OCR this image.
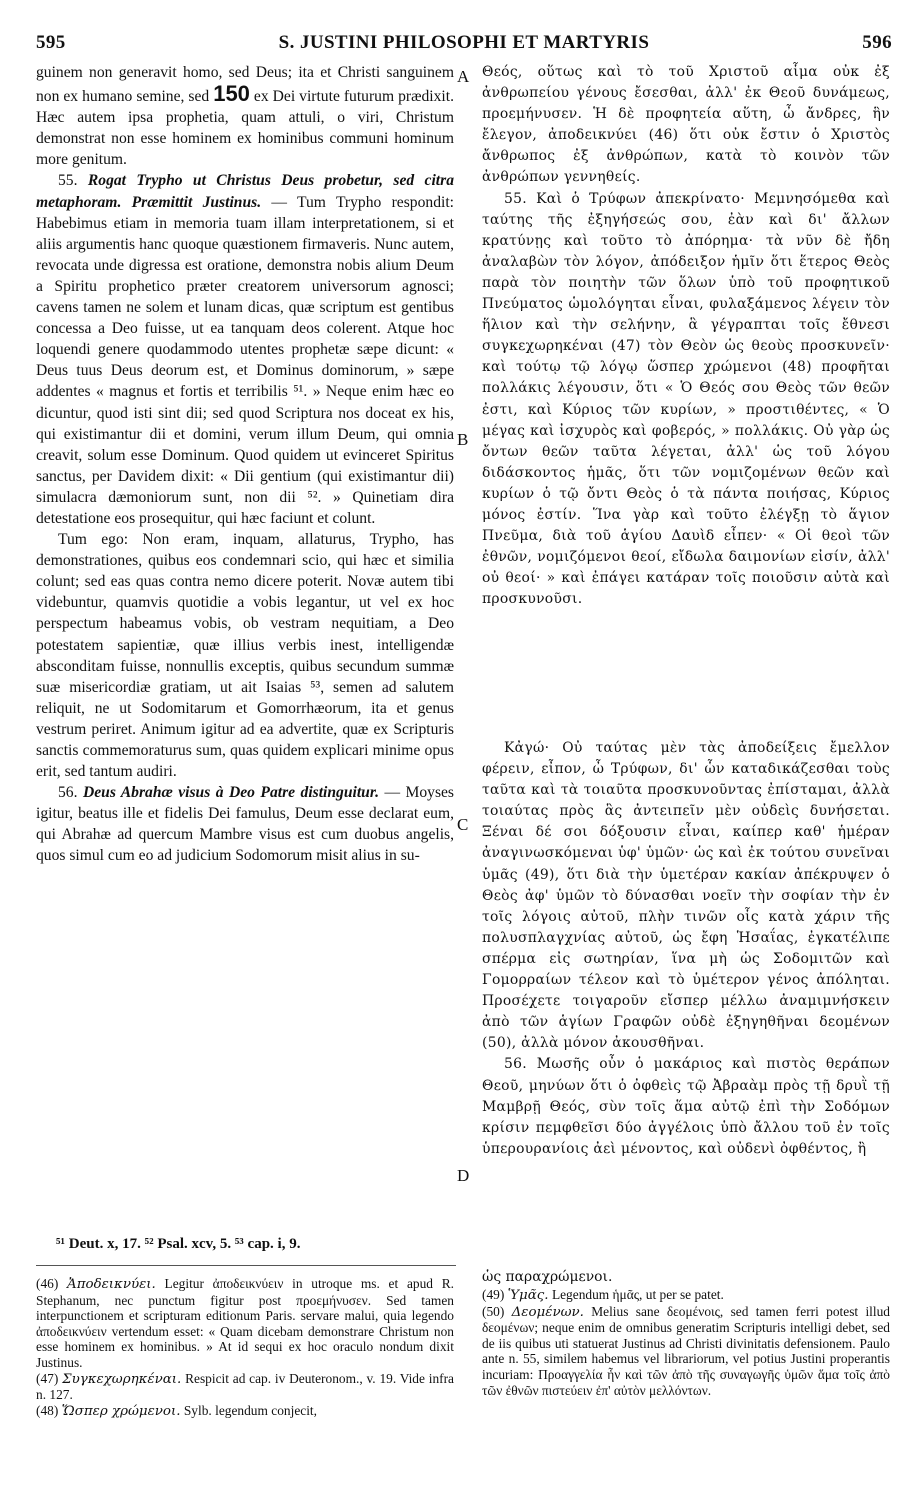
595	S. JUSTINI PHILOSOPHI ET MARTYRIS	596
A
B
C
D

guinem non generavit homo, sed Deus; ita et Christi sanguinem non ex humano semine, sed 150 ex Dei virtute futurum prædixit. Hæc autem ipsa prophetia, quam attuli, o viri, Christum demonstrat non esse hominem ex hominibus communi hominum more genitum.

55. Rogat Trypho ut Christus Deus probetur, sed citra metaphoram. Præmittit Justinus. — Tum Trypho respondit: Habebimus etiam in memoria tuam illam interpretationem, si et aliis argumentis hanc quoque quæstionem firmaveris. Nunc autem, revocata unde digressa est oratione, demonstra nobis alium Deum a Spiritu prophetico præter creatorem universorum agnosci; cavens tamen ne solem et lunam dicas, quæ scriptum est gentibus concessa a Deo fuisse, ut ea tanquam deos colerent. Atque hoc loquendi genere quodammodo utentes prophetæ sæpe dicunt: « Deus tuus Deus deorum est, et Dominus dominorum, » sæpe addentes « magnus et fortis et terribilis ⁵¹. » Neque enim hæc eo dicuntur, quod isti sint dii; sed quod Scriptura nos doceat ex his, qui existimantur dii et domini, verum illum Deum, qui omnia creavit, solum esse Dominum. Quod quidem ut evinceret Spiritus sanctus, per Davidem dixit: « Dii gentium (qui existimantur dii) simulacra dæmoniorum sunt, non dii ⁵². » Quinetiam dira detestatione eos prosequitur, qui hæc faciunt et colunt.

Tum ego: Non eram, inquam, allaturus, Trypho, has demonstrationes, quibus eos condemnari scio, qui hæc et similia colunt; sed eas quas contra nemo dicere poterit. Novæ autem tibi videbuntur, quamvis quotidie a vobis legantur, ut vel ex hoc perspectum habeamus vobis, ob vestram nequitiam, a Deo potestatem sapientiæ, quæ illius verbis inest, intelligendæ absconditam fuisse, nonnullis exceptis, quibus secundum summæ suæ misericordiæ gratiam, ut ait Isaias ⁵³, semen ad salutem reliquit, ne ut Sodomitarum et Gomorrhæorum, ita et genus vestrum periret. Animum igitur ad ea advertite, quæ ex Scripturis sanctis commemoraturus sum, quas quidem explicari minime opus erit, sed tantum audiri.

56. Deus Abrahæ visus à Deo Patre distinguitur. — Moyses igitur, beatus ille et fidelis Dei famulus, Deum esse declarat eum, qui Abrahæ ad quercum Mambre visus est cum duobus angelis, quos simul cum eo ad judicium Sodomorum misit alius in su-

⁵¹ Deut. x, 17. ⁵² Psal. xcv, 5. ⁵³ cap. i, 9.

Θεός, οὕτως καὶ τὸ τοῦ Χριστοῦ αἷμα οὐκ ἐξ ἀνθρωπείου γένους ἔσεσθαι, ἀλλ' ἐκ Θεοῦ δυνάμεως, προεμήνυσεν. Ἡ δὲ προφητεία αὕτη, ὦ ἄνδρες, ἣν ἔλεγον, ἀποδεικνύει (46) ὅτι οὐκ ἔστιν ὁ Χριστὸς ἄνθρωπος ἐξ ἀνθρώπων, κατὰ τὸ κοινὸν τῶν ἀνθρώπων γεννηθείς.

55. Καὶ ὁ Τρύφων ἀπεκρίνατο· Μεμνησόμεθα καὶ ταύτης τῆς ἐξηγήσεώς σου, ἐὰν καὶ δι' ἄλλων κρατύνῃς καὶ τοῦτο τὸ ἀπόρημα· τὰ νῦν δὲ ἤδη ἀναλαβὼν τὸν λόγον, ἀπόδειξον ἡμῖν ὅτι ἕτερος Θεὸς παρὰ τὸν ποιητὴν τῶν ὅλων ὑπὸ τοῦ προφητικοῦ Πνεύματος ὡμολόγηται εἶναι, φυλαξάμενος λέγειν τὸν ἥλιον καὶ τὴν σελήνην, ἃ γέγραπται τοῖς ἔθνεσι συγκεχωρηκέναι (47) τὸν Θεὸν ὡς θεοὺς προσκυνεῖν· καὶ τούτῳ τῷ λόγῳ ὥσπερ χρώμενοι (48) προφῆται πολλάκις λέγουσιν, ὅτι « Ὁ Θεός σου Θεὸς τῶν θεῶν ἐστι, καὶ Κύριος τῶν κυρίων, » προστιθέντες, « Ὁ μέγας καὶ ἰσχυρὸς καὶ φοβερός, » πολλάκις. Οὐ γὰρ ὡς ὄντων θεῶν ταῦτα λέγεται, ἀλλ' ὡς τοῦ λόγου διδάσκοντος ἡμᾶς, ὅτι τῶν νομιζομένων θεῶν καὶ κυρίων ὁ τῷ ὄντι Θεὸς ὁ τὰ πάντα ποιήσας, Κύριος μόνος ἐστίν. Ἵνα γὰρ καὶ τοῦτο ἐλέγξῃ τὸ ἅγιον Πνεῦμα, διὰ τοῦ ἁγίου Δαυὶδ εἶπεν· « Οἱ θεοὶ τῶν ἐθνῶν, νομιζόμενοι θεοί, εἴδωλα δαιμονίων εἰσίν, ἀλλ' οὐ θεοί· » καὶ ἐπάγει κατάραν τοῖς ποιοῦσιν αὐτὰ καὶ προσκυνοῦσι.

Κἀγώ· Οὐ ταύτας μὲν τὰς ἀποδείξεις ἔμελλον φέρειν, εἶπον, ὦ Τρύφων, δι' ὧν καταδικάζεσθαι τοὺς ταῦτα καὶ τὰ τοιαῦτα προσκυνοῦντας ἐπίσταμαι, ἀλλὰ τοιαύτας πρὸς ἃς ἀντειπεῖν μὲν οὐδεὶς δυνήσεται. Ξέναι δέ σοι δόξουσιν εἶναι, καίπερ καθ' ἡμέραν ἀναγινωσκόμεναι ὑφ' ὑμῶν· ὡς καὶ ἐκ τούτου συνεῖναι ὑμᾶς (49), ὅτι διὰ τὴν ὑμετέραν κακίαν ἀπέκρυψεν ὁ Θεὸς ἀφ' ὑμῶν τὸ δύνασθαι νοεῖν τὴν σοφίαν τὴν ἐν τοῖς λόγοις αὐτοῦ, πλὴν τινῶν οἷς κατὰ χάριν τῆς πολυσπλαγχνίας αὐτοῦ, ὡς ἔφη Ἡσαΐας, ἐγκατέλιπε σπέρμα εἰς σωτηρίαν, ἵνα μὴ ὡς Σοδομιτῶν καὶ Γομορραίων τέλεον καὶ τὸ ὑμέτερον γένος ἀπόληται. Προσέχετε τοιγαροῦν εἴσπερ μέλλω ἀναμιμνήσκειν ἀπὸ τῶν ἁγίων Γραφῶν οὐδὲ ἐξηγηθῆναι δεομένων (50), ἀλλὰ μόνον ἀκουσθῆναι.

56. Μωσῆς οὖν ὁ μακάριος καὶ πιστὸς θεράπων Θεοῦ, μηνύων ὅτι ὁ ὀφθεὶς τῷ Ἀβραὰμ πρὸς τῇ δρυῒ τῇ Μαμβρῇ Θεός, σὺν τοῖς ἅμα αὐτῷ ἐπὶ τὴν Σοδόμων κρίσιν πεμφθεῖσι δύο ἀγγέλοις ὑπὸ ἄλλου τοῦ ἐν τοῖς ὑπερουρανίοις ἀεὶ μένοντος, καὶ οὐδενὶ ὀφθέντος, ἢ

ὡς παραχρώμενοι.

(46) Ἀποδεικνύει. Legitur ἀποδεικνύειν in utroque ms. et apud R. Stephanum, nec punctum figitur post προεμήνυσεν. Sed tamen interpunctionem et scripturam editionum Paris. servare malui, quia legendo ἀποδεικνύειν vertendum esset: « Quam dicebam demonstrare Christum non esse hominem ex hominibus. » At id sequi ex hoc oraculo nondum dixit Justinus.

(47) Συγκεχωρηκέναι. Respicit ad cap. iv Deuteronom., v. 19. Vide infra n. 127.

(48) Ὥσπερ χρώμενοι. Sylb. legendum conjecit,

(49) Ὑμᾶς. Legendum ἡμᾶς, ut per se patet.

(50) Δεομένων. Melius sane δεομένοις, sed tamen ferri potest illud δεομένων; neque enim de omnibus generatim Scripturis intelligi debet, sed de iis quibus uti statuerat Justinus ad Christi divinitatis defensionem. Paulo ante n. 55, similem habemus vel librariorum, vel potius Justini properantis incuriam: Προαγγελία ἦν καὶ τῶν ἀπὸ τῆς συναγωγῆς ὑμῶν ἅμα τοῖς ἀπὸ τῶν ἐθνῶν πιστεύειν ἐπ' αὐτὸν μελλόντων.
